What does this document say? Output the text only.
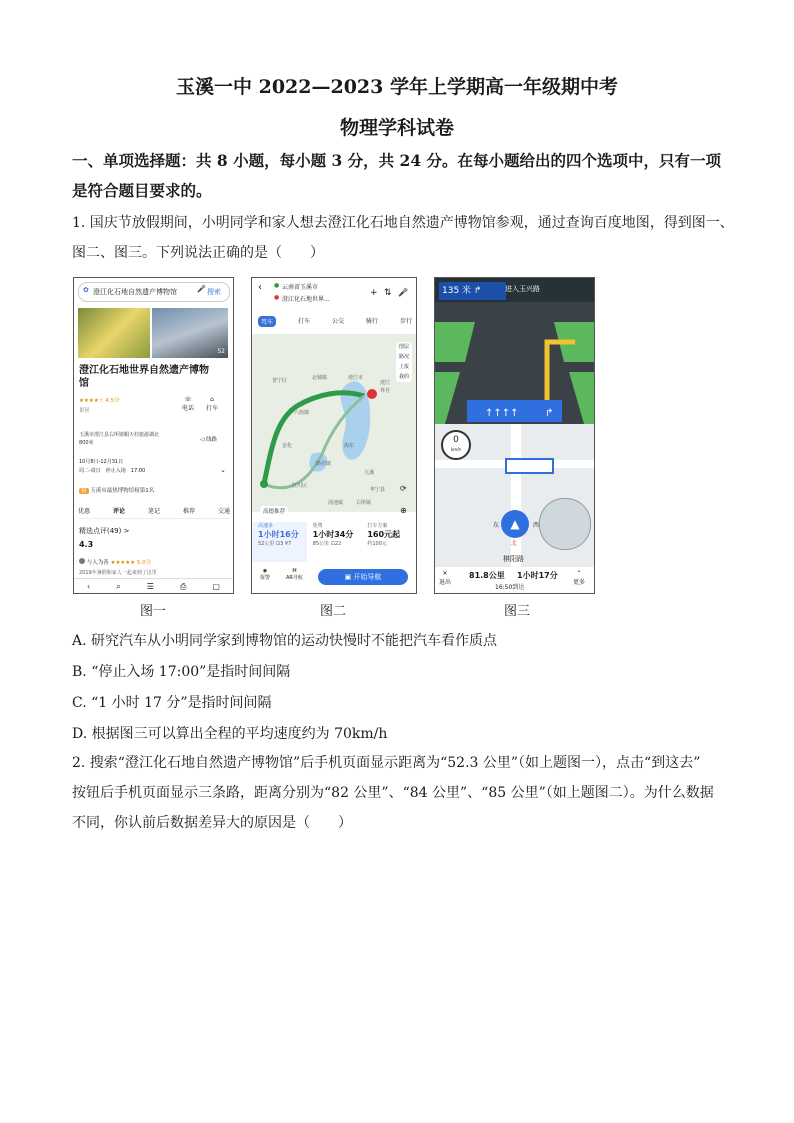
玉溪一中 2022—2023 学年上学期高一年级期中考
物理学科试卷
一、单项选择题：共 8 小题，每小题 3 分，共 24 分。在每小题给出的四个选项中，只有一项
是符合题目要求的。
1. 国庆节放假期间，小明同学和家人想去澄江化石地自然遗产博物馆参观，通过查询百度地图，得到图一、
图二、图三。下列说法正确的是（　　）
✿ 澄江化石地自然遗产博物馆	🎤 搜索
52
澄江化石地世界自然遗产博物
馆
★★★★☆ 4.5分
景区
☏
电话
⌂
打车
玉溪市澄江县右所镇帽天村旅游湖北
800米	◁ 线路
10月8日-12月31日
周二-周日　停止入场　17:00	⌄
榜 玉溪市最热博物馆榜第1名
优惠	评论	笔记	推荐	交通
精选点评(49) >
4.3
与人为善 ★★★★★ 5.0分
2019年暑假和家人一起来到了这里
‹	⌕	☰	⎙	▢
‹ ● 云南省玉溪市
● 澄江化石地世界...
+ ⇅ 🎤
驾车	打车	公交	骑行	步行
澄江市
澄江
界自
六街镇
普宁区	北城镇
安化	海东
路居镇
江川区
九溪
华宁县
右所镇
汤池镇
图层
路况
上报
我的
⟳
⊕
高德推荐
高速多
1小时16分
52公里 ⊡3 ¥7
免费
1小时34分
85公里 ⊡22
打车方案
160元起
约100元
◉
报警
⌘
AR导航	▣ 开始导航
135 米 ↱	进入玉兴路
↑↑↑↑	↱
0
km/h
▲
东	西
北
棋阳路
✕
退出
81.8公里 1小时17分
16:50到达
⌃
更多
图一	图二	图三
A. 研究汽车从小明同学家到博物馆的运动快慢时不能把汽车看作质点
B. “停止入场 17:00”是指时间间隔
C. “1 小时 17 分”是指时间间隔
D. 根据图三可以算出全程的平均速度约为 70km/h
2. 搜索“澄江化石地自然遗产博物馆”后手机页面显示距离为“52.3 公里”（如上题图一），点击“到这去”
按钮后手机页面显示三条路，距离分别为“82 公里”、“84 公里”、“85 公里”（如上题图二）。为什么数据
不同，你认前后数据差异大的原因是（　　）
